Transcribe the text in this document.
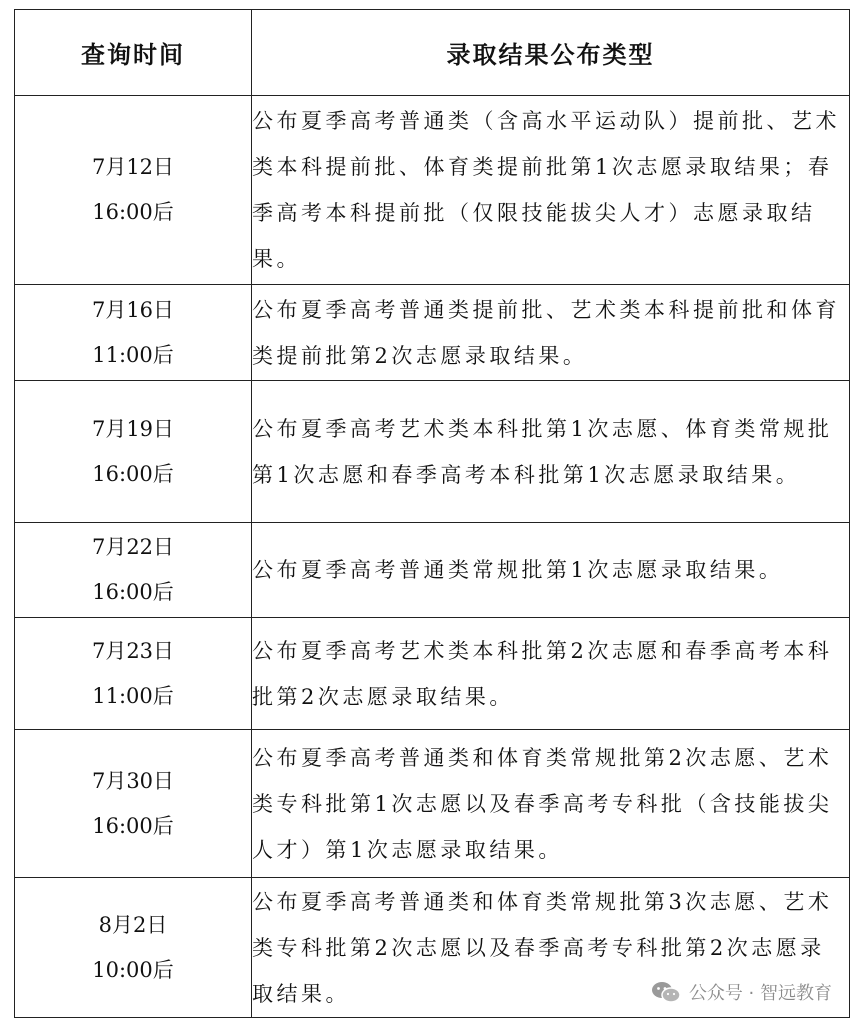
查询时间	录取结果公布类型

7月12日
16:00后	公布夏季高考普通类（含高水平运动队）提前批、艺术类本科提前批、体育类提前批第1次志愿录取结果；春季高考本科提前批（仅限技能拔尖人才）志愿录取结果。

7月16日
11:00后	公布夏季高考普通类提前批、艺术类本科提前批和体育类提前批第2次志愿录取结果。

7月19日
16:00后	公布夏季高考艺术类本科批第1次志愿、体育类常规批第1次志愿和春季高考本科批第1次志愿录取结果。

7月22日
16:00后	公布夏季高考普通类常规批第1次志愿录取结果。

7月23日
11:00后	公布夏季高考艺术类本科批第2次志愿和春季高考本科批第2次志愿录取结果。

7月30日
16:00后	公布夏季高考普通类和体育类常规批第2次志愿、艺术类专科批第1次志愿以及春季高考专科批（含技能拔尖人才）第1次志愿录取结果。

8月2日
10:00后	公布夏季高考普通类和体育类常规批第3次志愿、艺术类专科批第2次志愿以及春季高考专科批第2次志愿录取结果。	公众号 · 智远教育
